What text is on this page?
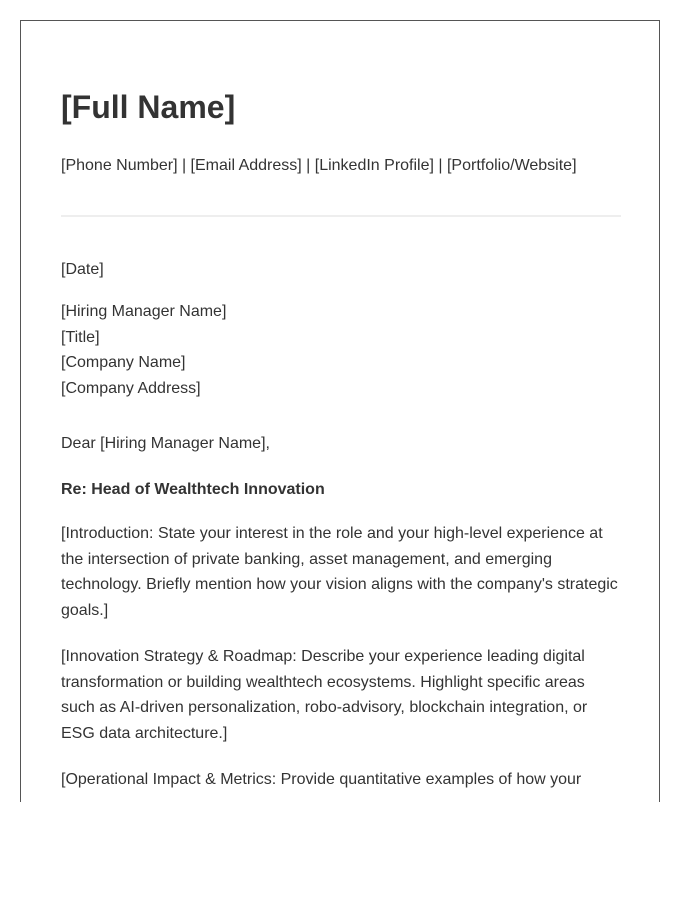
[Full Name]
[Phone Number] | [Email Address] | [LinkedIn Profile] | [Portfolio/Website]
[Date]
[Hiring Manager Name]
[Title]
[Company Name]
[Company Address]
Dear [Hiring Manager Name],
Re: Head of Wealthtech Innovation

[Introduction: State your interest in the role and your high-level experience at
the intersection of private banking, asset management, and emerging
technology. Briefly mention how your vision aligns with the company's strategic
goals.]

[Innovation Strategy & Roadmap: Describe your experience leading digital
transformation or building wealthtech ecosystems. Highlight specific areas
such as AI-driven personalization, robo-advisory, blockchain integration, or
ESG data architecture.]

[Operational Impact & Metrics: Provide quantitative examples of how your
